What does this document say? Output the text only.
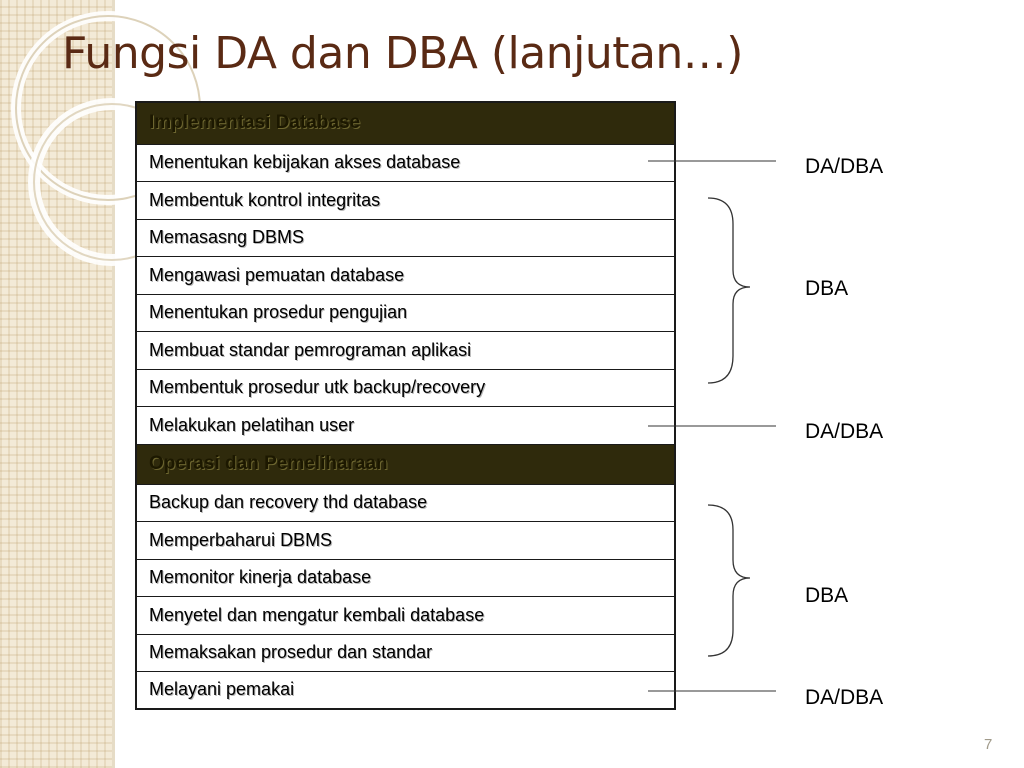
Fungsi DA dan DBA (lanjutan…)
Implementasi Database
Menentukan kebijakan akses database
Membentuk kontrol integritas
Memasasng DBMS
Mengawasi pemuatan database
Menentukan prosedur pengujian
Membuat standar pemrograman aplikasi
Membentuk prosedur utk backup/recovery
Melakukan pelatihan user
Operasi dan Pemeliharaan
Backup dan recovery thd database
Memperbaharui DBMS
Memonitor kinerja database
Menyetel dan mengatur kembali database
Memaksakan prosedur dan standar
Melayani pemakai
DA/DBA
DBA
DA/DBA
DBA
DA/DBA
7
